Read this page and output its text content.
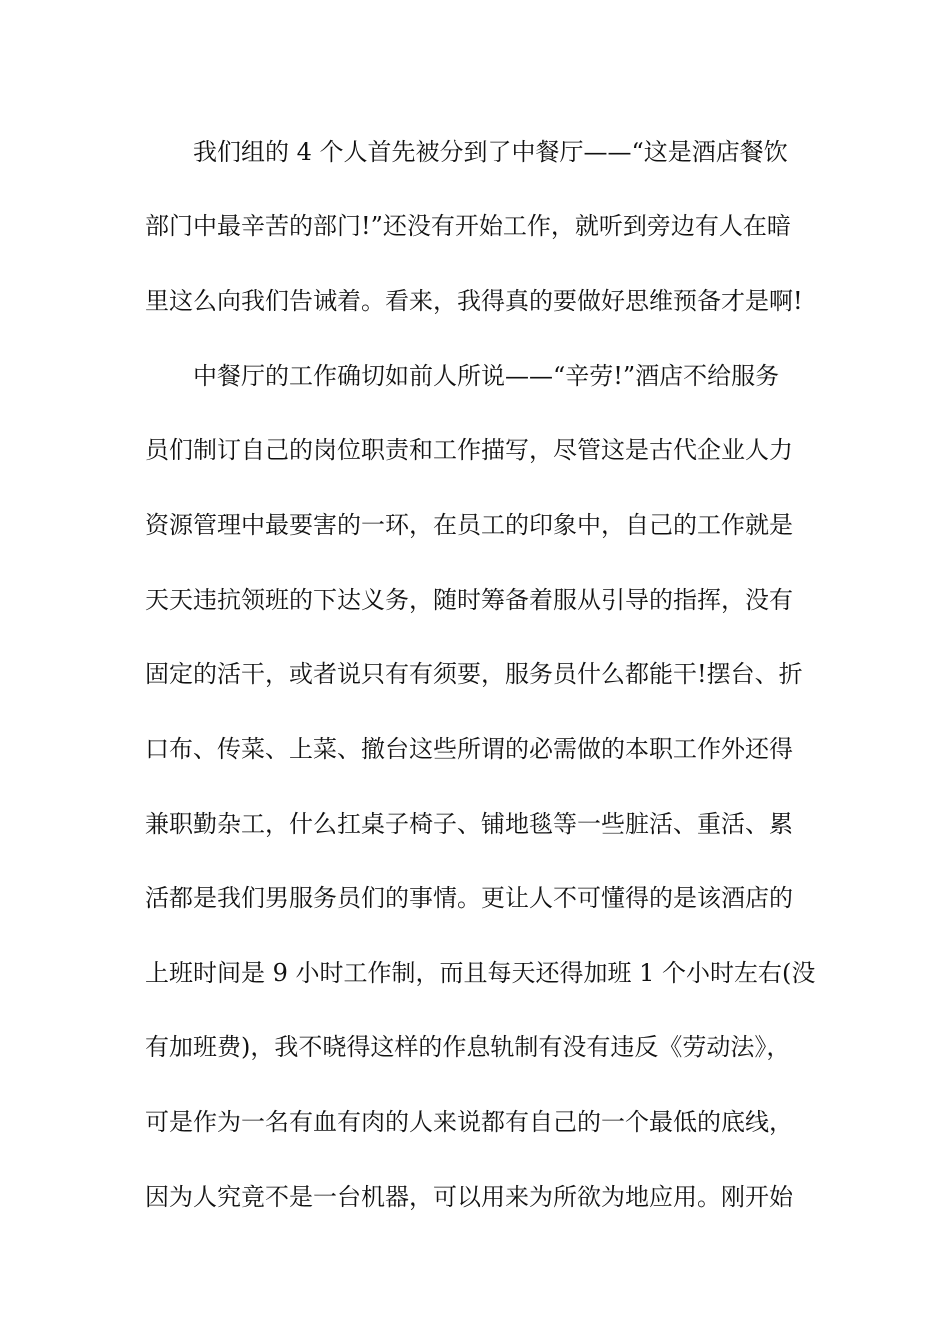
我们组的 4 个人首先被分到了中餐厅——“这是酒店餐饮
部门中最辛苦的部门!”还没有开始工作，就听到旁边有人在暗
里这么向我们告诫着。看来，我得真的要做好思维预备才是啊!
中餐厅的工作确切如前人所说——“辛劳!”酒店不给服务
员们制订自己的岗位职责和工作描写，尽管这是古代企业人力
资源管理中最要害的一环，在员工的印象中，自己的工作就是
天天违抗领班的下达义务，随时筹备着服从引导的指挥，没有
固定的活干，或者说只有有须要，服务员什么都能干!摆台、折
口布、传菜、上菜、撤台这些所谓的必需做的本职工作外还得
兼职勤杂工，什么扛桌子椅子、铺地毯等一些脏活、重活、累
活都是我们男服务员们的事情。更让人不可懂得的是该酒店的
上班时间是 9 小时工作制，而且每天还得加班 1 个小时左右(没
有加班费)，我不晓得这样的作息轨制有没有违反《劳动法》，
可是作为一名有血有肉的人来说都有自己的一个最低的底线，
因为人究竟不是一台机器，可以用来为所欲为地应用。刚开始
